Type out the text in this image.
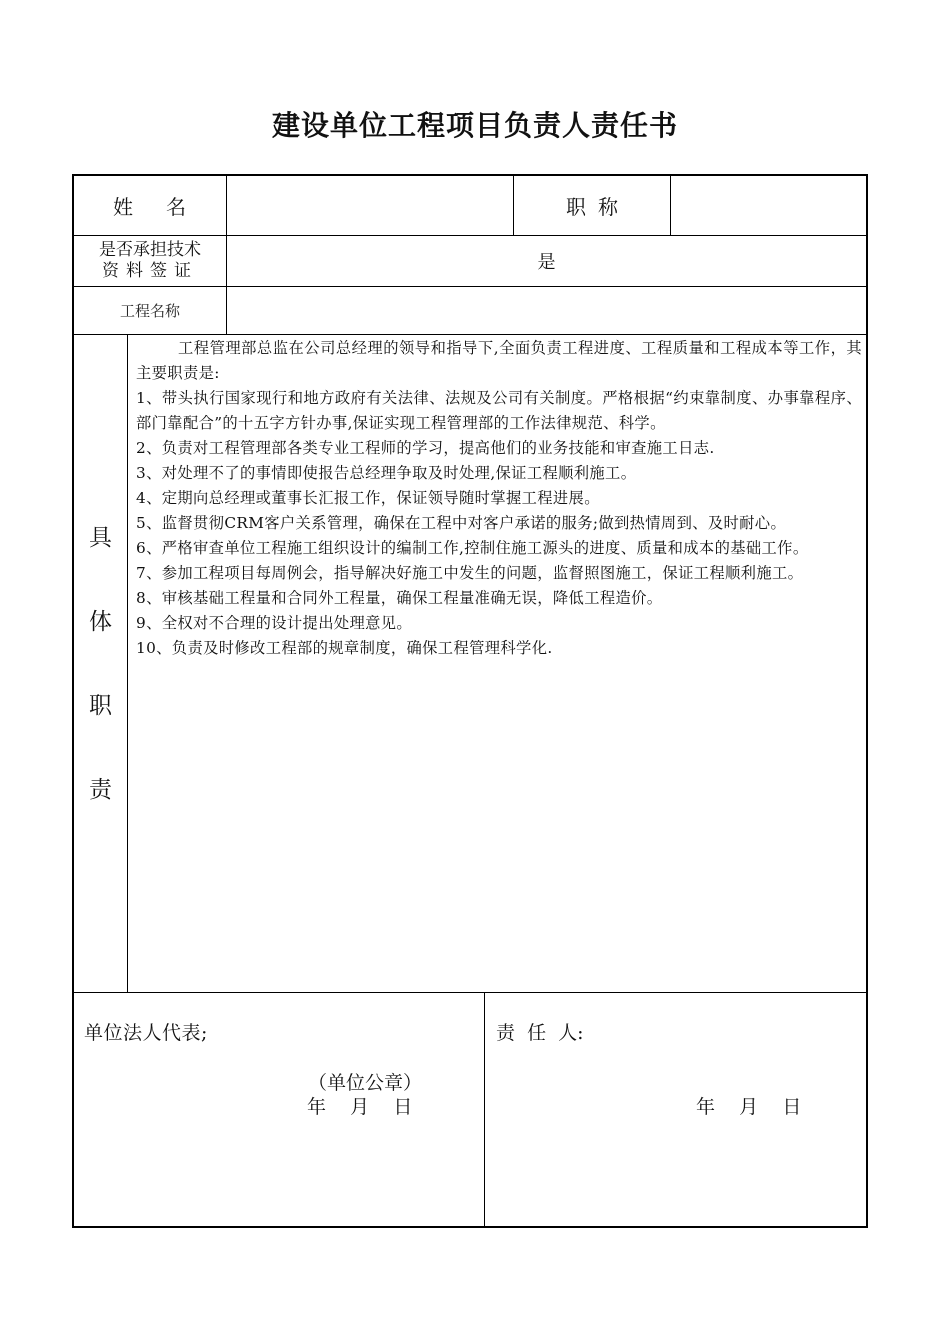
建设单位工程项目负责人责任书
姓 名	职 称
是否承担技术
资料签证	是
工程名称
具
体
职
责

工程管理部总监在公司总经理的领导和指导下,全面负责工程进度、工程质量和工程成本等工作，其主要职责是:

1、带头执行国家现行和地方政府有关法律、法规及公司有关制度。严格根据“约束靠制度、办事靠程序、部门靠配合”的十五字方针办事,保证实现工程管理部的工作法律规范、科学。

2、负责对工程管理部各类专业工程师的学习，提高他们的业务技能和审查施工日志.

3、对处理不了的事情即使报告总经理争取及时处理,保证工程顺利施工。

4、定期向总经理或董事长汇报工作，保证领导随时掌握工程进展。

5、监督贯彻CRM客户关系管理，确保在工程中对客户承诺的服务;做到热情周到、及时耐心。

6、严格审查单位工程施工组织设计的编制工作,控制住施工源头的进度、质量和成本的基础工作。

7、参加工程项目每周例会，指导解决好施工中发生的问题，监督照图施工，保证工程顺利施工。

8、审核基础工程量和合同外工程量，确保工程量准确无误，降低工程造价。

9、全权对不合理的设计提出处理意见。

10、负责及时修改工程部的规章制度，确保工程管理科学化.

单位法人代表;
（单位公章）
年    月    日
责  任  人:
年    月    日
